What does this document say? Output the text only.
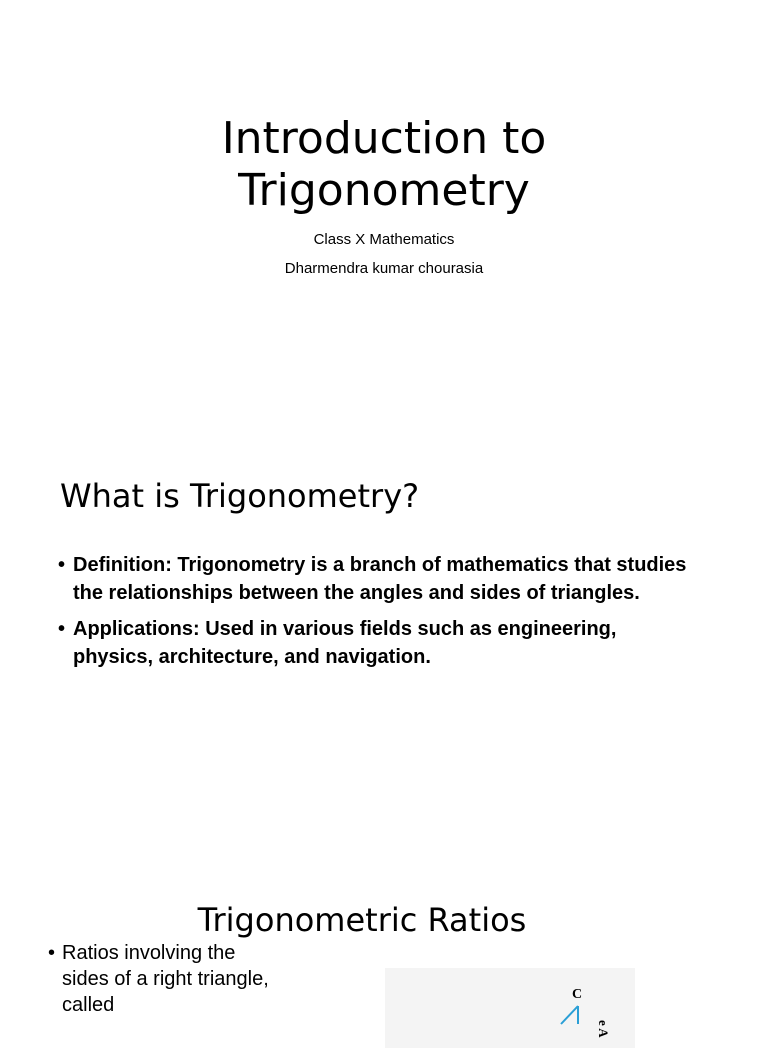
Introduction to
Trigonometry
Class X Mathematics
Dharmendra kumar chourasia
What is Trigonometry?
• Definition: Trigonometry is a branch of mathematics that studies the relationships between the angles and sides of triangles.
• Applications: Used in various fields such as engineering, physics, architecture, and navigation.
Trigonometric Ratios
• Ratios involving the sides of a right triangle, called	C
e A
